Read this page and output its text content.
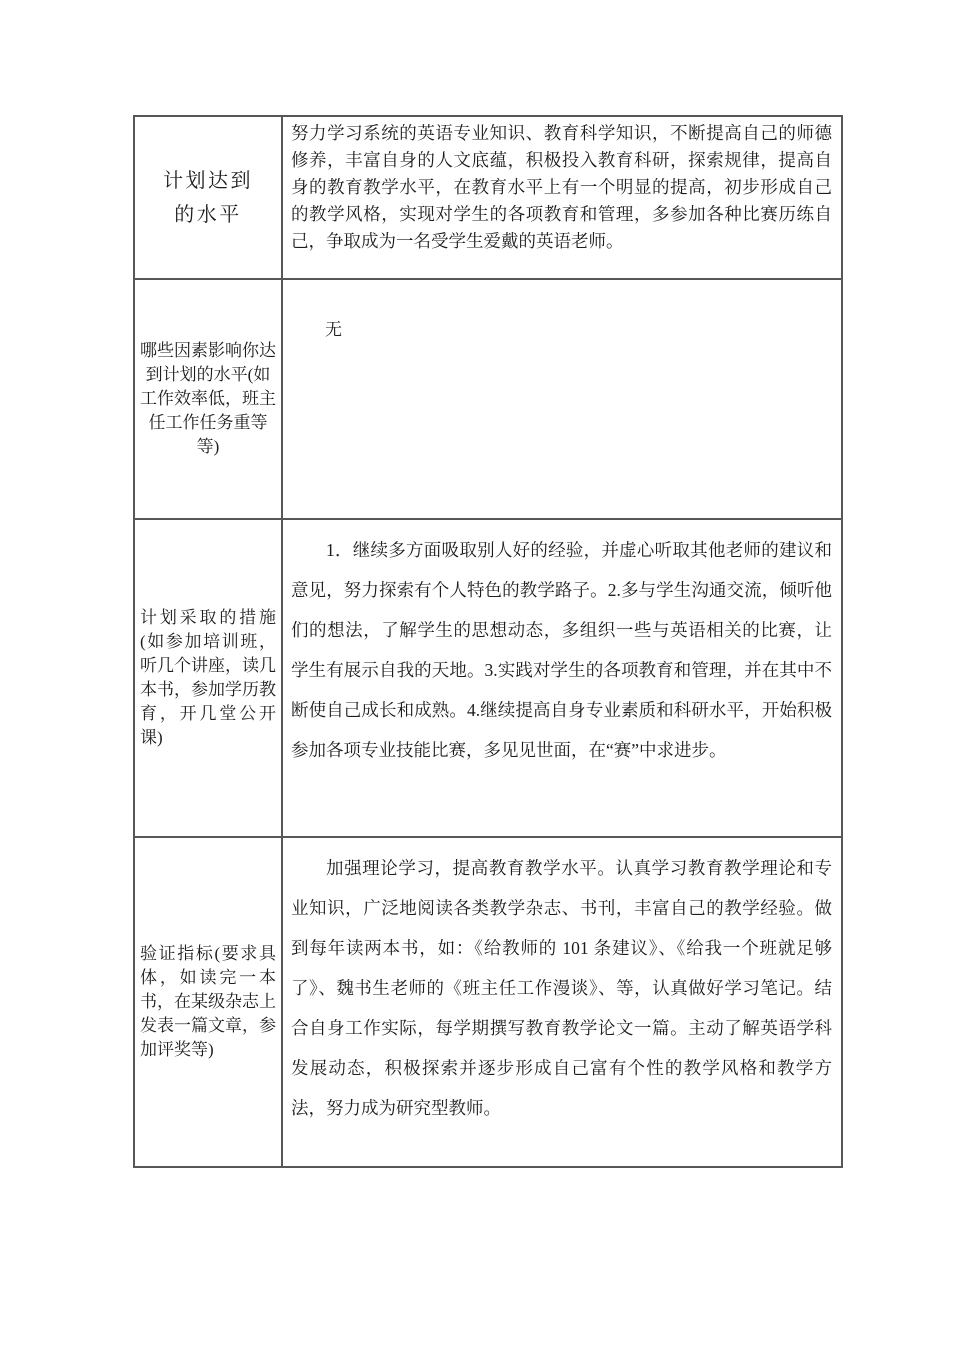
计划达到
的水平
努力学习系统的英语专业知识、教育科学知识，不断提高自己的师德修养，丰富自身的人文底蕴，积极投入教育科研，探索规律，提高自身的教育教学水平，在教育水平上有一个明显的提高，初步形成自己的教学风格，实现对学生的各项教育和管理，多参加各种比赛历练自己，争取成为一名受学生爱戴的英语老师。
哪些因素影响你达到计划的水平(如工作效率低，班主任工作任务重等等)
无
计划采取的措施(如参加培训班，听几个讲座，读几本书，参加学历教育，开几堂公开课)
1．继续多方面吸取别人好的经验，并虚心听取其他老师的建议和意见，努力探索有个人特色的教学路子。2.多与学生沟通交流，倾听他们的想法，了解学生的思想动态，多组织一些与英语相关的比赛，让学生有展示自我的天地。3.实践对学生的各项教育和管理，并在其中不断使自己成长和成熟。4.继续提高自身专业素质和科研水平，开始积极参加各项专业技能比赛，多见见世面，在“赛”中求进步。
验证指标(要求具体，如读完一本书，在某级杂志上发表一篇文章，参加评奖等)
加强理论学习，提高教育教学水平。认真学习教育教学理论和专业知识，广泛地阅读各类教学杂志、书刊，丰富自己的教学经验。做到每年读两本书，如：《给教师的 101 条建议》、《给我一个班就足够了》、魏书生老师的《班主任工作漫谈》、等，认真做好学习笔记。结合自身工作实际，每学期撰写教育教学论文一篇。主动了解英语学科发展动态，积极探索并逐步形成自己富有个性的教学风格和教学方法，努力成为研究型教师。
